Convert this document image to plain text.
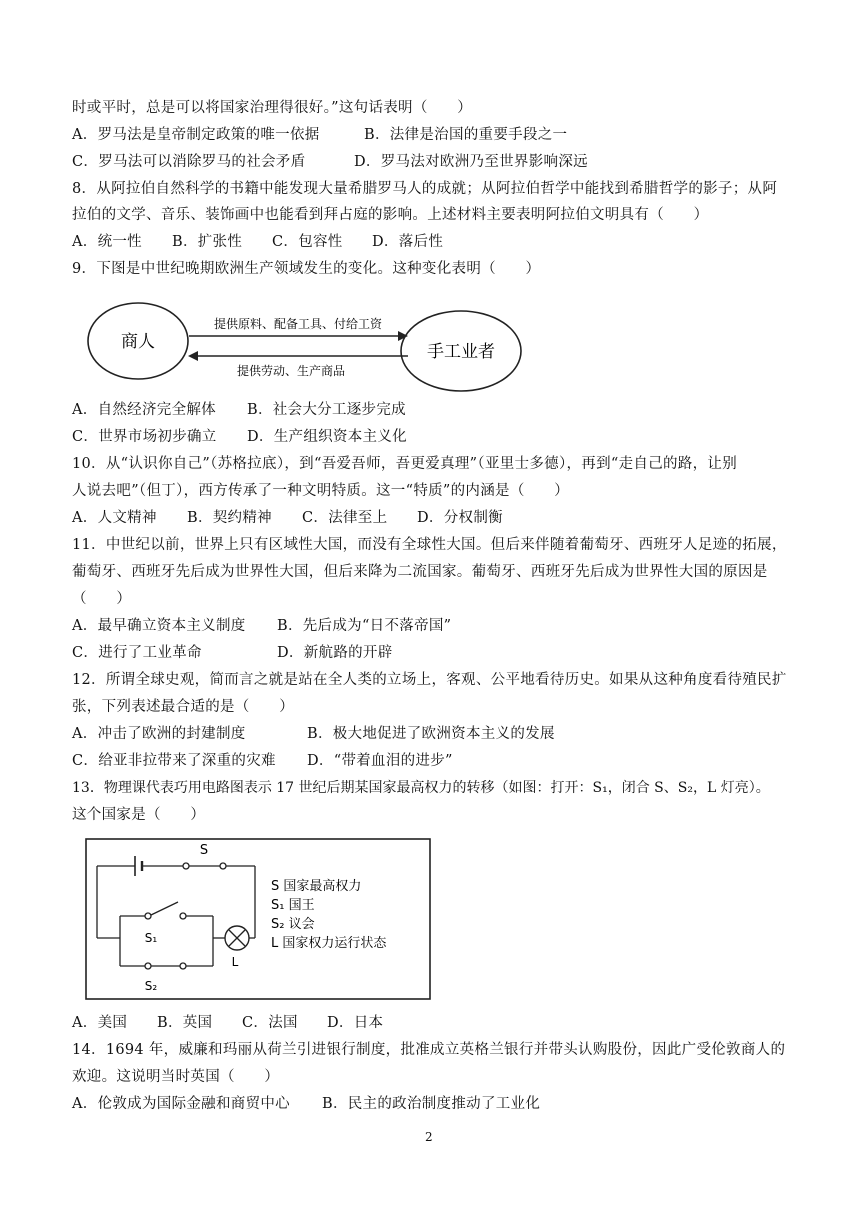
时或平时，总是可以将国家治理得很好。”这句话表明（　　）
A．罗马法是皇帝制定政策的唯一依据	B．法律是治国的重要手段之一
C．罗马法可以消除罗马的社会矛盾	D．罗马法对欧洲乃至世界影响深远
8．从阿拉伯自然科学的书籍中能发现大量希腊罗马人的成就；从阿拉伯哲学中能找到希腊哲学的影子；从阿
拉伯的文学、音乐、装饰画中也能看到拜占庭的影响。上述材料主要表明阿拉伯文明具有（　　）
A．统一性 B．扩张性 C．包容性 D．落后性
9．下图是中世纪晚期欧洲生产领域发生的变化。这种变化表明（　　）
商人	手工业者
提供原料、配备工具、付给工资
提供劳动、生产商品
A．自然经济完全解体 B．社会大分工逐步完成
C．世界市场初步确立 D．生产组织资本主义化
10．从“认识你自己”（苏格拉底），到“吾爱吾师，吾更爱真理”（亚里士多德），再到“走自己的路，让别
人说去吧”（但丁），西方传承了一种文明特质。这一“特质”的内涵是（　　）
A．人文精神 B．契约精神 C．法律至上 D．分权制衡
11．中世纪以前，世界上只有区域性大国，而没有全球性大国。但后来伴随着葡萄牙、西班牙人足迹的拓展，
葡萄牙、西班牙先后成为世界性大国，但后来降为二流国家。葡萄牙、西班牙先后成为世界性大国的原因是
（　　）
A．最早确立资本主义制度 B．先后成为“日不落帝国”
C．进行了工业革命	D．新航路的开辟
12．所谓全球史观，简而言之就是站在全人类的立场上，客观、公平地看待历史。如果从这种角度看待殖民扩
张，下列表述最合适的是（　　）
A．冲击了欧洲的封建制度	B．极大地促进了欧洲资本主义的发展
C．给亚非拉带来了深重的灾难 D．“带着血泪的进步”
13．物理课代表巧用电路图表示 17 世纪后期某国家最高权力的转移（如图：打开：S₁，闭合 S、S₂，L 灯亮）。
这个国家是（　　）
S
S₁
S₂
L
S 国家最高权力
S₁ 国王
S₂ 议会
L 国家权力运行状态
A．美国 B．英国 C．法国 D．日本
14．1694 年，威廉和玛丽从荷兰引进银行制度，批准成立英格兰银行并带头认购股份，因此广受伦敦商人的
欢迎。这说明当时英国（　　）
A．伦敦成为国际金融和商贸中心 B．民主的政治制度推动了工业化
2
